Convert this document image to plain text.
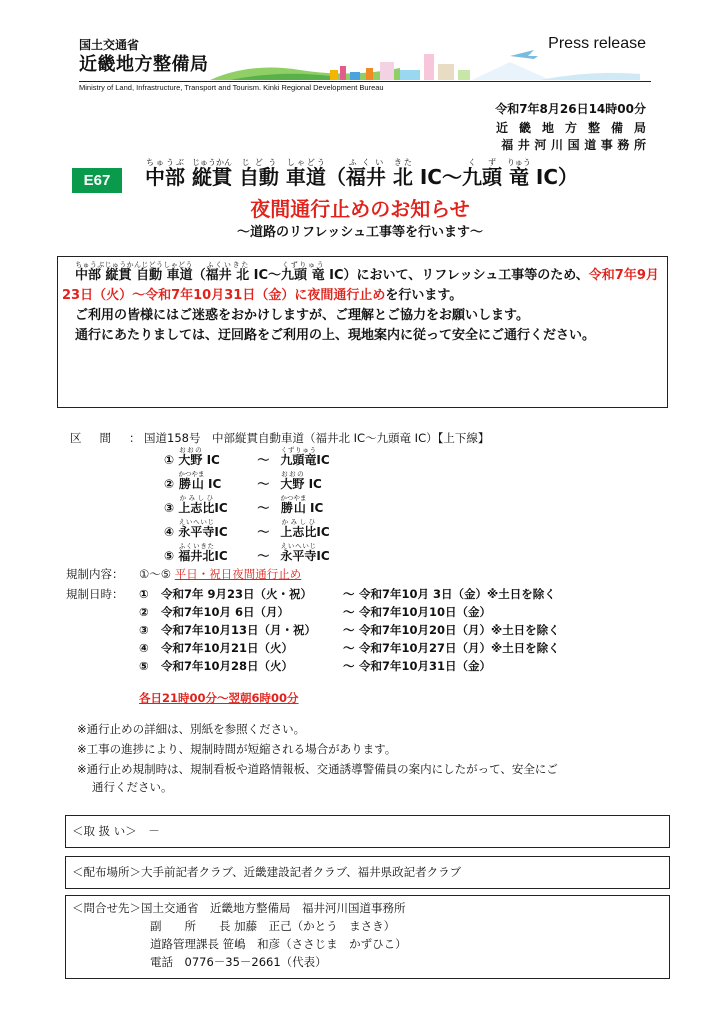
国土交通省
近畿地方整備局
Press release
Ministry of Land, Infrastructure, Transport and Tourism. Kinki Regional Development Bureau
令和7年8月26日14時00分
近畿地方整備局
福井河川国道事務所
E67	中部ちゅうぶ 縦貫じゅうかん 自動じどう 車道しゃどう（福井ふくい 北きた IC～九頭くず 竜りゅう IC）
夜間通行止めのお知らせ
～道路のリフレッシュ工事等を行います～

　中部 縦貫 自動 車道ちゅうぶじゅうかんじどうしゃどう（福井 北ふくいきた IC～九頭 竜くずりゅう IC）において、リフレッシュ工事等のため、令和7年9月23日（火）～令和7年10月31日（金）に夜間通行止めを行います。

　ご利用の皆様にはご迷惑をおかけしますが、ご理解とご協力をお願いします。

　通行にあたりましては、迂回路をご利用の上、現地案内に従って安全にご通行ください。

区間：
国道158号　中部縦貫自動車道（福井北 IC～九頭竜 IC）【上下線】
① 大野おおの IC	～ 九頭竜くずりゅうIC
② 勝山かつやま IC	～ 大野おおの IC
③ 上志比かみしひIC ～ 勝山かつやま IC
④ 永平寺えいへいじIC ～ 上志比かみしひIC
⑤ 福井北ふくいきたIC ～ 永平寺えいへいじIC
規制内容： ①～⑤ 平日・祝日夜間通行止め
規制日時： ① 令和7年 9月23日（火・祝）	～ 令和7年10月 3日（金）※土日を除く
② 令和7年10月 6日（月）	～ 令和7年10月10日（金）
③ 令和7年10月13日（月・祝） ～ 令和7年10月20日（月）※土日を除く
④ 令和7年10月21日（火）	～ 令和7年10月27日（月）※土日を除く
⑤ 令和7年10月28日（火）	～ 令和7年10月31日（金）
各日21時00分～翌朝6時00分
※通行止めの詳細は、別紙を参照ください。
※工事の進捗により、規制時間が短縮される場合があります。
※通行止め規制時は、規制看板や道路情報板、交通誘導警備員の案内にしたがって、安全にご
通行ください。
＜取 扱 い＞　－
＜配布場所＞大手前記者クラブ、近畿建設記者クラブ、福井県政記者クラブ
＜問合せ先＞国土交通省　近畿地方整備局　福井河川国道事務所
副　　所　　長 加藤　正己（かとう　まさき）
道路管理課長 笹嶋　和彦（ささじま　かずひこ）
電話　0776－35－2661（代表）
